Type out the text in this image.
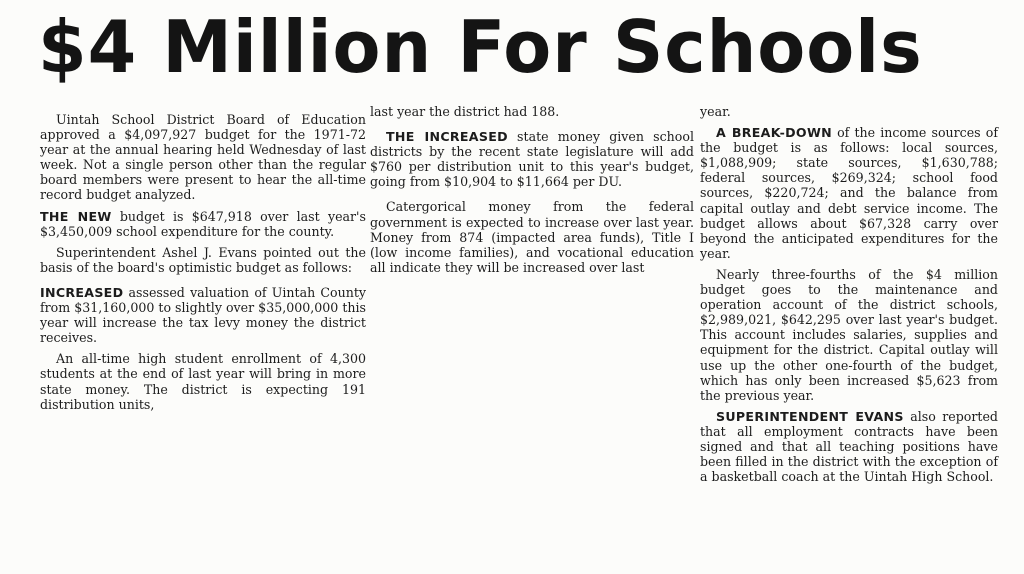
$4 Million For Schools

Uintah School District Board of Education approved a $4,097,927 budget for the 1971-72 year at the annual hearing held Wednesday of last week. Not a single person other than the regular board members were present to hear the all-time record budget analyzed.

THE NEW budget is $647,918 over last year's $3,450,009 school expenditure for the county.

Superintendent Ashel J. Evans pointed out the basis of the board's optimistic budget as follows:

INCREASED assessed valuation of Uintah County from $31,160,000 to slightly over $35,000,000 this year will increase the tax levy money the district receives.

An all-time high student enrollment of 4,300 students at the end of last year will bring in more state money. The district is expecting 191 distribution units,

last year the district had 188.

THE INCREASED state money given school districts by the recent state legislature will add $760 per distribution unit to this year's budget, going from $10,904 to $11,664 per DU.

Catergorical money from the federal government is expected to increase over last year. Money from 874 (impacted area funds), Title I (low income families), and vocational education all indicate they will be increased over last

year.

A BREAK-DOWN of the income sources of the budget is as follows: local sources, $1,088,909; state sources, $1,630,788; federal sources, $269,324; school food sources, $220,724; and the balance from capital outlay and debt service income. The budget allows about $67,328 carry over beyond the anticipated expenditures for the year.

Nearly three-fourths of the $4 million budget goes to the maintenance and operation account of the district schools, $2,989,021, $642,295 over last year's budget. This account includes salaries, supplies and equipment for the district. Capital outlay will use up the other one-fourth of the budget, which has only been increased $5,623 from the previous year.

SUPERINTENDENT EVANS also reported that all employment contracts have been signed and that all teaching positions have been filled in the district with the exception of a basketball coach at the Uintah High School.
